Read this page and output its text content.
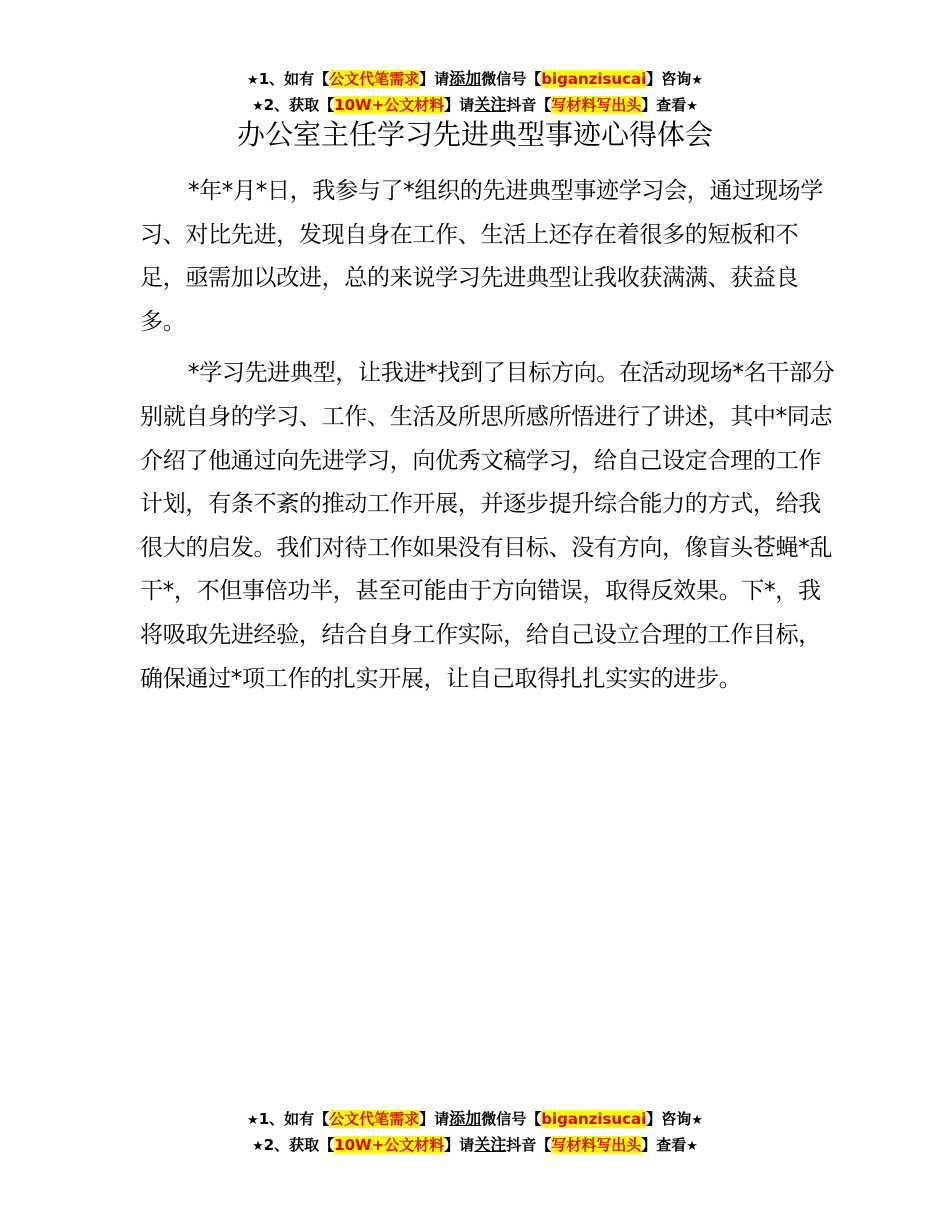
★1、如有【公文代笔需求】请添加微信号【biganzisucai】咨询★
★2、获取【10W+公文材料】请关注抖音【写材料写出头】查看★
办公室主任学习先进典型事迹心得体会

*年*月*日，我参与了*组织的先进典型事迹学习会，通过现场学习、对比先进，发现自身在工作、生活上还存在着很多的短板和不足，亟需加以改进，总的来说学习先进典型让我收获满满、获益良多。

*学习先进典型，让我进*找到了目标方向。在活动现场*名干部分别就自身的学习、工作、生活及所思所感所悟进行了讲述，其中*同志介绍了他通过向先进学习，向优秀文稿学习，给自己设定合理的工作计划，有条不紊的推动工作开展，并逐步提升综合能力的方式，给我很大的启发。我们对待工作如果没有目标、没有方向，像盲头苍蝇*乱干*，不但事倍功半，甚至可能由于方向错误，取得反效果。下*，我将吸取先进经验，结合自身工作实际，给自己设立合理的工作目标，确保通过*项工作的扎实开展，让自己取得扎扎实实的进步。

★1、如有【公文代笔需求】请添加微信号【biganzisucai】咨询★
★2、获取【10W+公文材料】请关注抖音【写材料写出头】查看★
